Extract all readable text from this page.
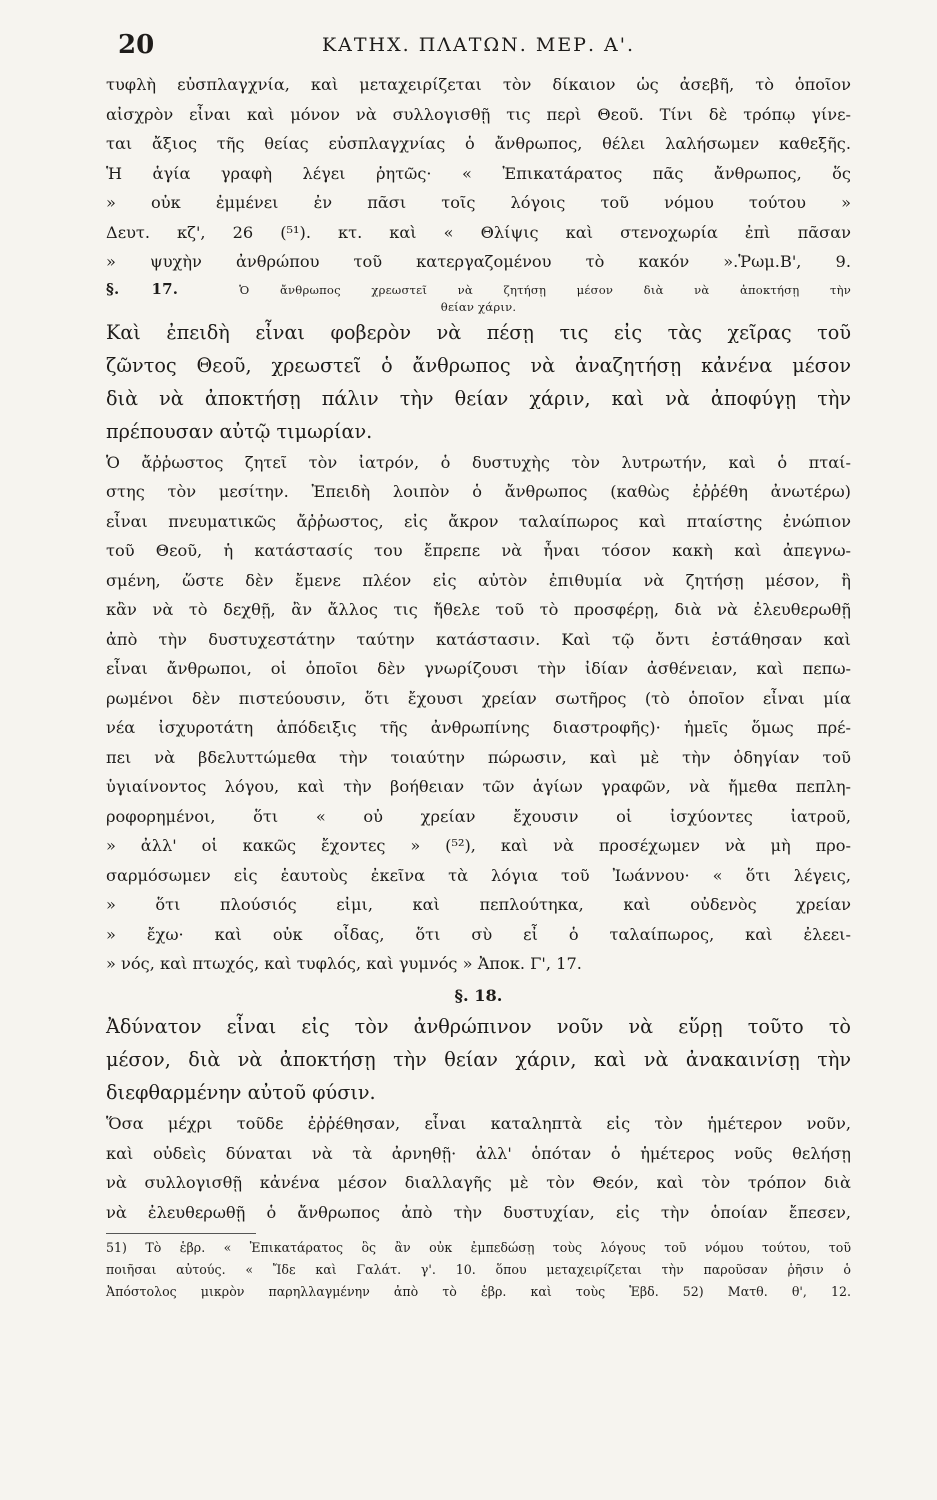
20	ΚΑΤΗΧ. ΠΛΑΤΩΝ. ΜΕΡ. Α'.
τυφλὴ εὐσπλαγχνία, καὶ μεταχειρίζεται τὸν δίκαιον ὡς ἀσεβῆ, τὸ ὁποῖον
αἰσχρὸν εἶναι καὶ μόνον νὰ συλλογισθῇ τις περὶ Θεοῦ. Τίνι δὲ τρόπῳ γίνε-
ται ἄξιος τῆς θείας εὐσπλαγχνίας ὁ ἄνθρωπος, θέλει λαλήσωμεν καθεξῆς.
Ἡ ἁγία γραφὴ λέγει ῥητῶς· « Ἐπικατάρατος πᾶς ἄνθρωπος, ὅς
» οὐκ ἐμμένει ἐν πᾶσι τοῖς λόγοις τοῦ νόμου τούτου »
Δευτ. κζ', 26 (⁵¹). κτ. καὶ « Θλίψις καὶ στενοχωρία ἐπὶ πᾶσαν
» ψυχὴν ἀνθρώπου τοῦ κατεργαζομένου τὸ κακόν ».Ῥωμ.Β', 9.
§. 17.	Ὁ ἄνθρωπος χρεωστεῖ νὰ ζητήσῃ μέσον διὰ νὰ ἀποκτήσῃ τὴν
θείαν χάριν.
Καὶ ἐπειδὴ εἶναι φοβερὸν νὰ πέσῃ τις εἰς τὰς χεῖρας τοῦ
ζῶντος Θεοῦ, χρεωστεῖ ὁ ἄνθρωπος νὰ ἀναζητήσῃ κἀνένα μέσον
διὰ νὰ ἀποκτήσῃ πάλιν τὴν θείαν χάριν, καὶ νὰ ἀποφύγῃ τὴν
πρέπουσαν αὐτῷ τιμωρίαν.
Ὁ ἄῤῥωστος ζητεῖ τὸν ἰατρόν, ὁ δυστυχὴς τὸν λυτρωτήν, καὶ ὁ πταί-
στης τὸν μεσίτην. Ἐπειδὴ λοιπὸν ὁ ἄνθρωπος (καθὼς ἐῤῥέθη ἀνωτέρω)
εἶναι πνευματικῶς ἄῤῥωστος, εἰς ἄκρον ταλαίπωρος καὶ πταίστης ἐνώπιον
τοῦ Θεοῦ, ἡ κατάστασίς του ἔπρεπε νὰ ἦναι τόσον κακὴ καὶ ἀπεγνω-
σμένη, ὥστε δὲν ἔμενε πλέον εἰς αὐτὸν ἐπιθυμία νὰ ζητήσῃ μέσον, ἢ
κἂν νὰ τὸ δεχθῇ, ἂν ἄλλος τις ἤθελε τοῦ τὸ προσφέρῃ, διὰ νὰ ἐλευθερωθῇ
ἀπὸ τὴν δυστυχεστάτην ταύτην κατάστασιν. Καὶ τῷ ὄντι ἐστάθησαν καὶ
εἶναι ἄνθρωποι, οἱ ὁποῖοι δὲν γνωρίζουσι τὴν ἰδίαν ἀσθένειαν, καὶ πεπω-
ρωμένοι δὲν πιστεύουσιν, ὅτι ἔχουσι χρείαν σωτῆρος (τὸ ὁποῖον εἶναι μία
νέα ἰσχυροτάτη ἀπόδειξις τῆς ἀνθρωπίνης διαστροφῆς)· ἡμεῖς ὅμως πρέ-
πει νὰ βδελυττώμεθα τὴν τοιαύτην πώρωσιν, καὶ μὲ τὴν ὁδηγίαν τοῦ
ὑγιαίνοντος λόγου, καὶ τὴν βοήθειαν τῶν ἁγίων γραφῶν, νὰ ἤμεθα πεπλη-
ροφορημένοι, ὅτι « οὐ χρείαν ἔχουσιν οἱ ἰσχύοντες ἰατροῦ,
» ἀλλ' οἱ κακῶς ἔχοντες » (⁵²), καὶ νὰ προσέχωμεν νὰ μὴ προ-
σαρμόσωμεν εἰς ἑαυτοὺς ἐκεῖνα τὰ λόγια τοῦ Ἰωάννου· « ὅτι λέγεις,
» ὅτι πλούσιός εἰμι, καὶ πεπλούτηκα, καὶ οὐδενὸς χρείαν
» ἔχω· καὶ οὐκ οἶδας, ὅτι σὺ εἶ ὁ ταλαίπωρος, καὶ ἐλεει-
» νός, καὶ πτωχός, καὶ τυφλός, καὶ γυμνός » Ἀποκ. Γ', 17.
§. 18.
Ἀδύνατον εἶναι εἰς τὸν ἀνθρώπινον νοῦν νὰ εὕρῃ τοῦτο τὸ
μέσον, διὰ νὰ ἀποκτήσῃ τὴν θείαν χάριν, καὶ νὰ ἀνακαινίσῃ τὴν
διεφθαρμένην αὐτοῦ φύσιν.
Ὅσα μέχρι τοῦδε ἐῤῥέθησαν, εἶναι καταληπτὰ εἰς τὸν ἡμέτερον νοῦν,
καὶ οὐδεὶς δύναται νὰ τὰ ἀρνηθῇ· ἀλλ' ὁπόταν ὁ ἡμέτερος νοῦς θελήσῃ
νὰ συλλογισθῇ κἀνένα μέσον διαλλαγῆς μὲ τὸν Θεόν, καὶ τὸν τρόπον διὰ
νὰ ἐλευθερωθῇ ὁ ἄνθρωπος ἀπὸ τὴν δυστυχίαν, εἰς τὴν ὁποίαν ἔπεσεν,
51) Τὸ ἑβρ. « Ἐπικατάρατος ὃς ἂν οὐκ ἐμπεδώσῃ τοὺς λόγους τοῦ νόμου τούτου, τοῦ
ποιῆσαι αὐτούς. « Ἴδε καὶ Γαλάτ. γ'. 10. ὅπου μεταχειρίζεται τὴν παροῦσαν ῥῆσιν ὁ
Ἀπόστολος μικρὸν παρηλλαγμένην ἀπὸ τὸ ἑβρ. καὶ τοὺς Ἑβδ. 52) Ματθ. θ', 12.
